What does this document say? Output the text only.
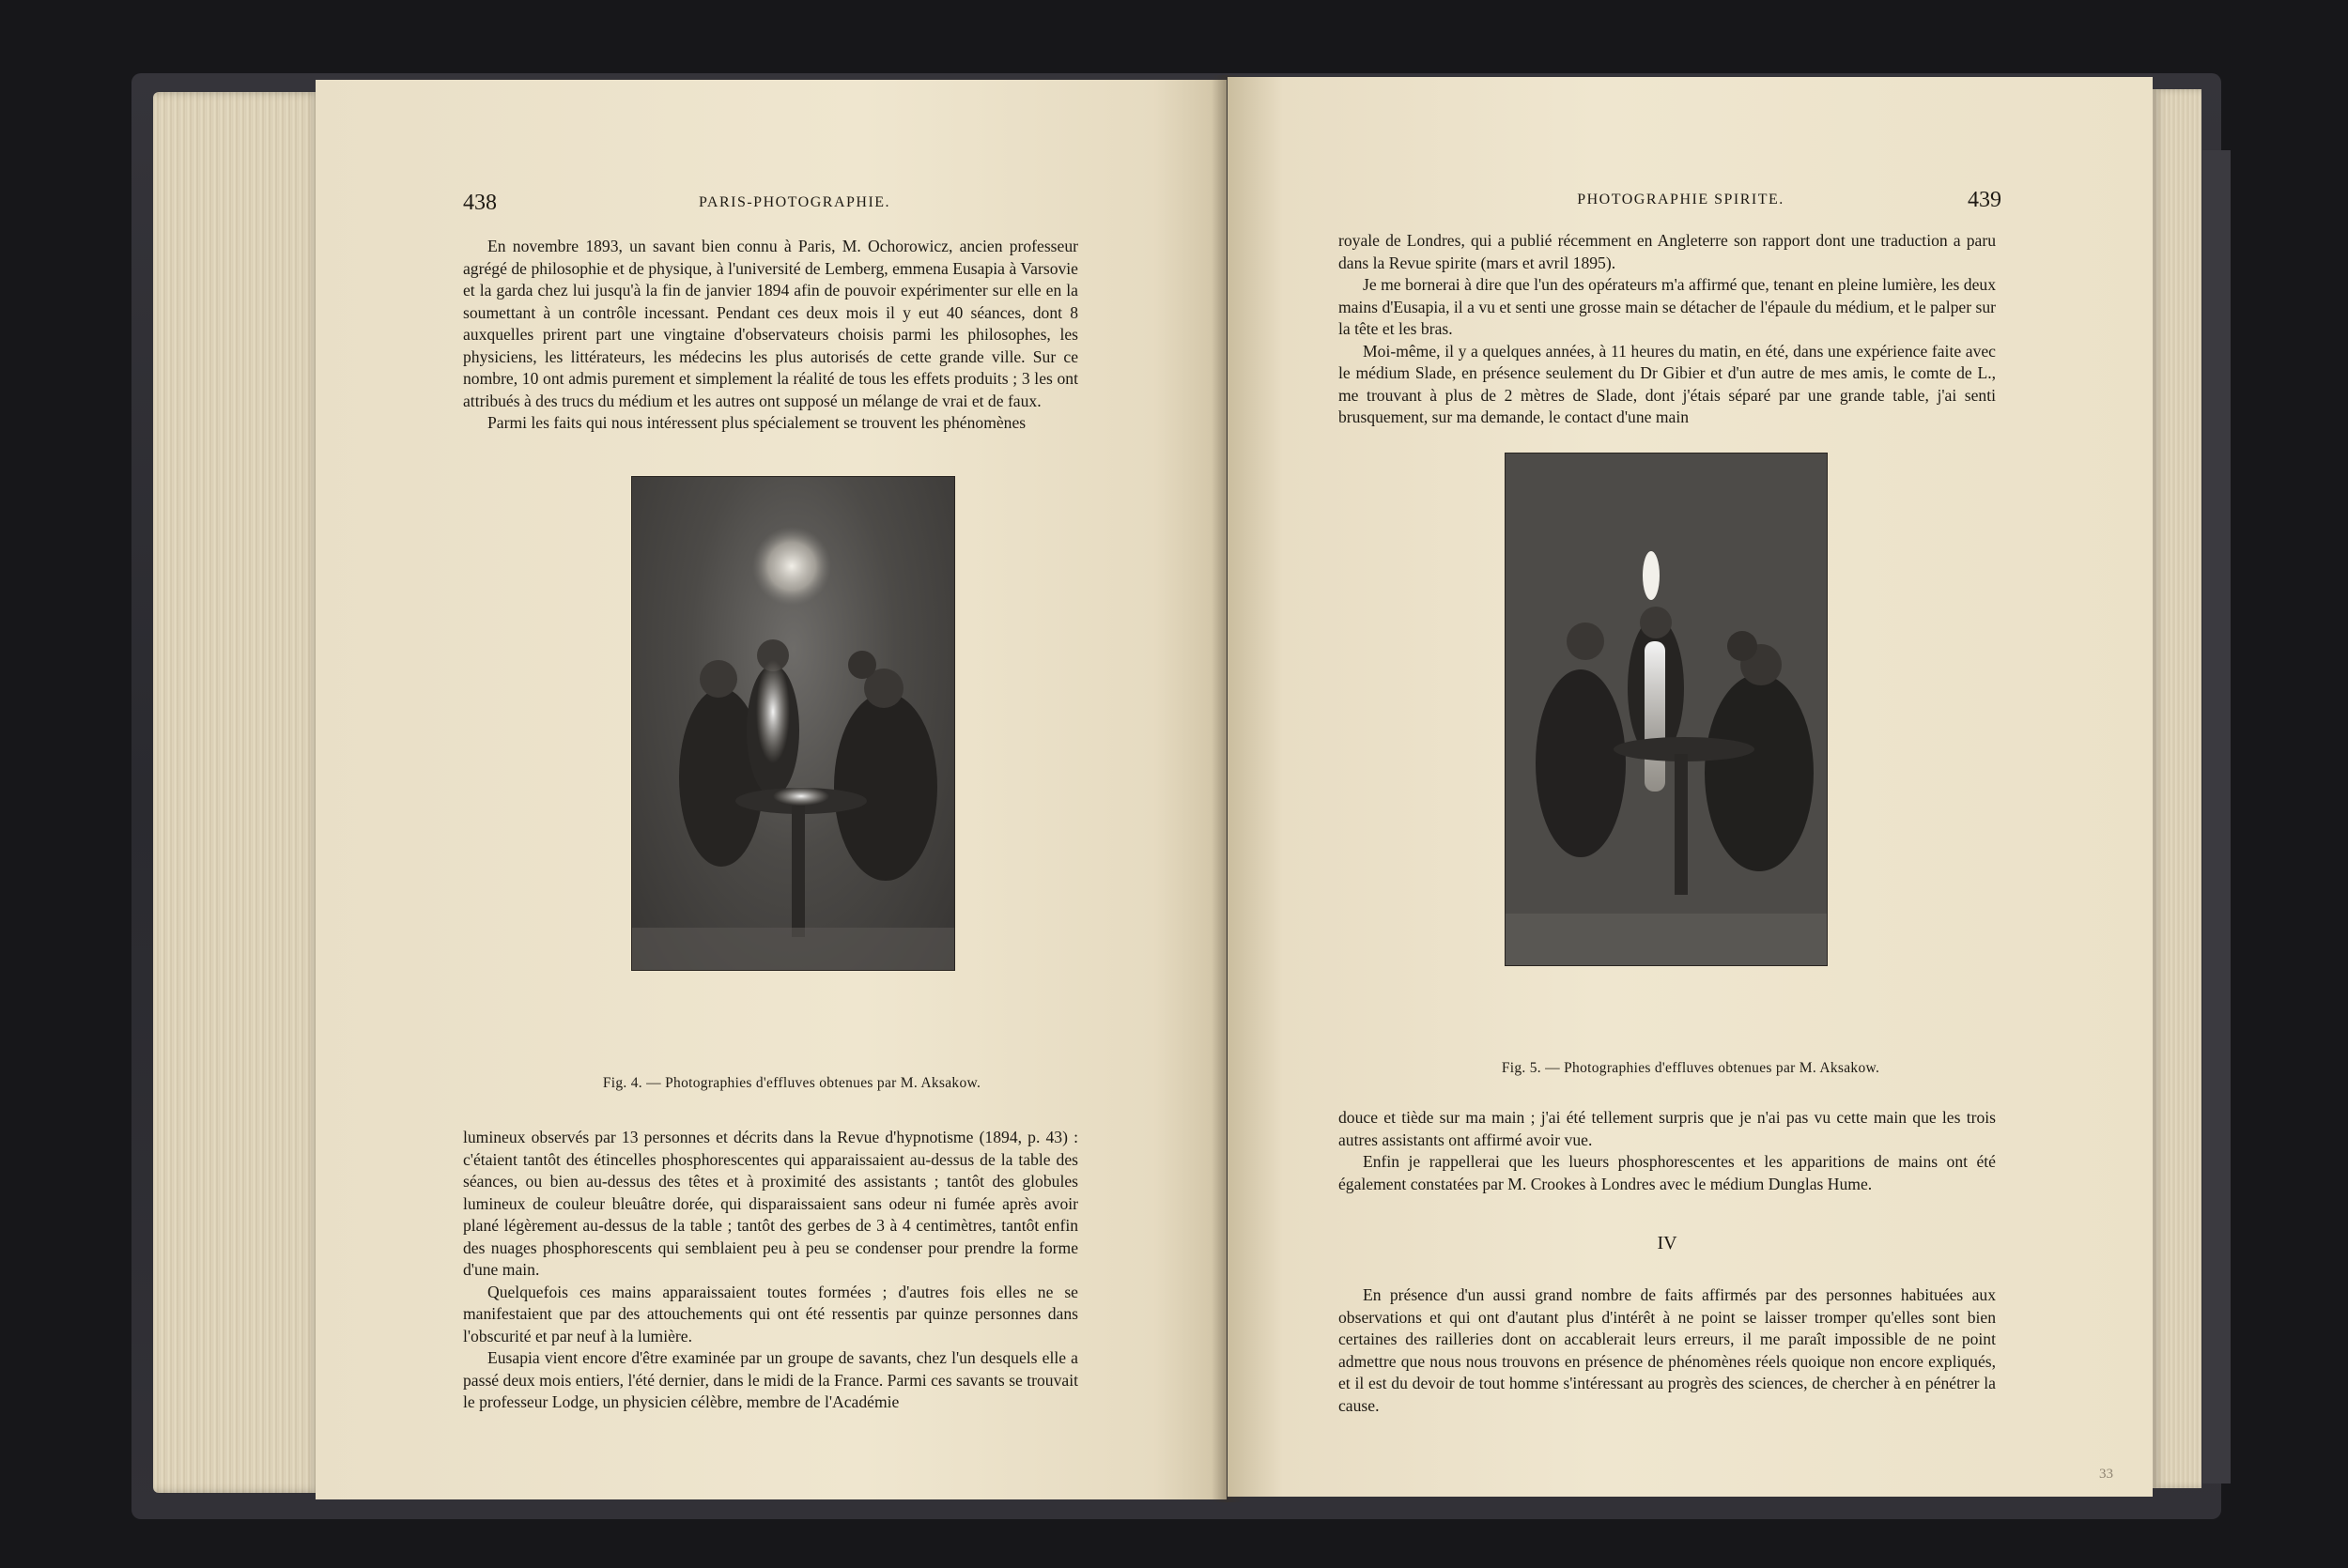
438	PARIS-PHOTOGRAPHIE.

En novembre 1893, un savant bien connu à Paris, M. Ochorowicz, ancien professeur agrégé de philosophie et de physique, à l'université de Lemberg, emmena Eusapia à Varsovie et la garda chez lui jusqu'à la fin de janvier 1894 afin de pouvoir expérimenter sur elle en la soumettant à un contrôle incessant. Pendant ces deux mois il y eut 40 séances, dont 8 auxquelles prirent part une vingtaine d'observateurs choisis parmi les philosophes, les physiciens, les littérateurs, les médecins les plus autorisés de cette grande ville. Sur ce nombre, 10 ont admis purement et simplement la réalité de tous les effets produits ; 3 les ont attribués à des trucs du médium et les autres ont supposé un mélange de vrai et de faux.

Parmi les faits qui nous intéressent plus spécialement se trouvent les phénomènes

Fig. 4. — Photographies d'effluves obtenues par M. Aksakow.

lumineux observés par 13 personnes et décrits dans la Revue d'hypnotisme (1894, p. 43) : c'étaient tantôt des étincelles phosphorescentes qui apparaissaient au-dessus de la table des séances, ou bien au-dessus des têtes et à proximité des assistants ; tantôt des globules lumineux de couleur bleuâtre dorée, qui disparaissaient sans odeur ni fumée après avoir plané légèrement au-dessus de la table ; tantôt des gerbes de 3 à 4 centimètres, tantôt enfin des nuages phosphorescents qui semblaient peu à peu se condenser pour prendre la forme d'une main.

Quelquefois ces mains apparaissaient toutes formées ; d'autres fois elles ne se manifestaient que par des attouchements qui ont été ressentis par quinze personnes dans l'obscurité et par neuf à la lumière.

Eusapia vient encore d'être examinée par un groupe de savants, chez l'un desquels elle a passé deux mois entiers, l'été dernier, dans le midi de la France. Parmi ces savants se trouvait le professeur Lodge, un physicien célèbre, membre de l'Académie

PHOTOGRAPHIE SPIRITE.	439

royale de Londres, qui a publié récemment en Angleterre son rapport dont une traduction a paru dans la Revue spirite (mars et avril 1895).

Je me bornerai à dire que l'un des opérateurs m'a affirmé que, tenant en pleine lumière, les deux mains d'Eusapia, il a vu et senti une grosse main se détacher de l'épaule du médium, et le palper sur la tête et les bras.

Moi-même, il y a quelques années, à 11 heures du matin, en été, dans une expérience faite avec le médium Slade, en présence seulement du Dr Gibier et d'un autre de mes amis, le comte de L., me trouvant à plus de 2 mètres de Slade, dont j'étais séparé par une grande table, j'ai senti brusquement, sur ma demande, le contact d'une main

Fig. 5. — Photographies d'effluves obtenues par M. Aksakow.

douce et tiède sur ma main ; j'ai été tellement surpris que je n'ai pas vu cette main que les trois autres assistants ont affirmé avoir vue.

Enfin je rappellerai que les lueurs phosphorescentes et les apparitions de mains ont été également constatées par M. Crookes à Londres avec le médium Dunglas Hume.

IV

En présence d'un aussi grand nombre de faits affirmés par des personnes habituées aux observations et qui ont d'autant plus d'intérêt à ne point se laisser tromper qu'elles sont bien certaines des railleries dont on accablerait leurs erreurs, il me paraît impossible de ne point admettre que nous nous trouvons en présence de phénomènes réels quoique non encore expliqués, et il est du devoir de tout homme s'intéressant au progrès des sciences, de chercher à en pénétrer la cause.

33
